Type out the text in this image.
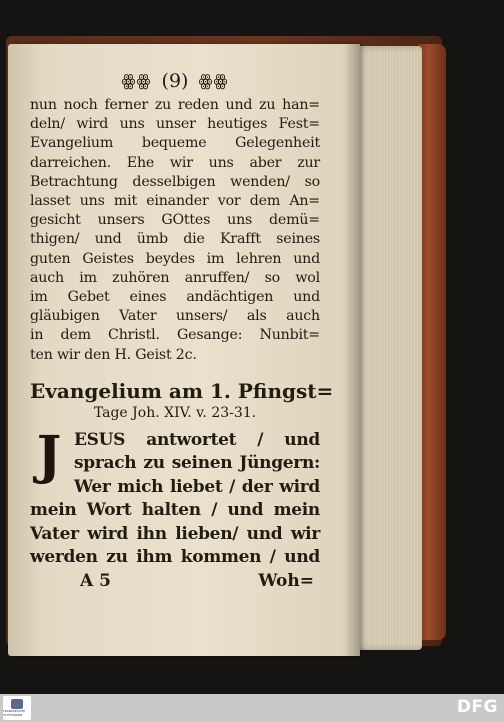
ꙮꙮ (9) ꙮꙮ
nun noch ferner zu reden und zu han=
deln/ wird uns unser heutiges Fest=
Evangelium bequeme Gelegenheit
darreichen. Ehe wir uns aber zur
Betrachtung desselbigen wenden/ so
lasset uns mit einander vor dem An=
gesicht unsers GOttes uns demü=
thigen/ und ümb die Krafft seines
guten Geistes beydes im lehren und
auch im zuhören anruffen/ so wol
im Gebet eines andächtigen und
gläubigen Vater unsers/ als auch
in dem Christl. Gesange: Nunbit=
ten wir den H. Geist 2c.
Evangelium am 1. Pfingst=
Tage Joh. XIV. v. 23-31.
J ESUS antwortet / und
sprach zu seinen Jüngern:
Wer mich liebet / der wird
mein Wort halten / und mein
Vater wird ihn lieben/ und wir
werden zu ihm kommen / und
A 5	Woh=
FRANCKESCHE STIFTUNGEN	DFG
